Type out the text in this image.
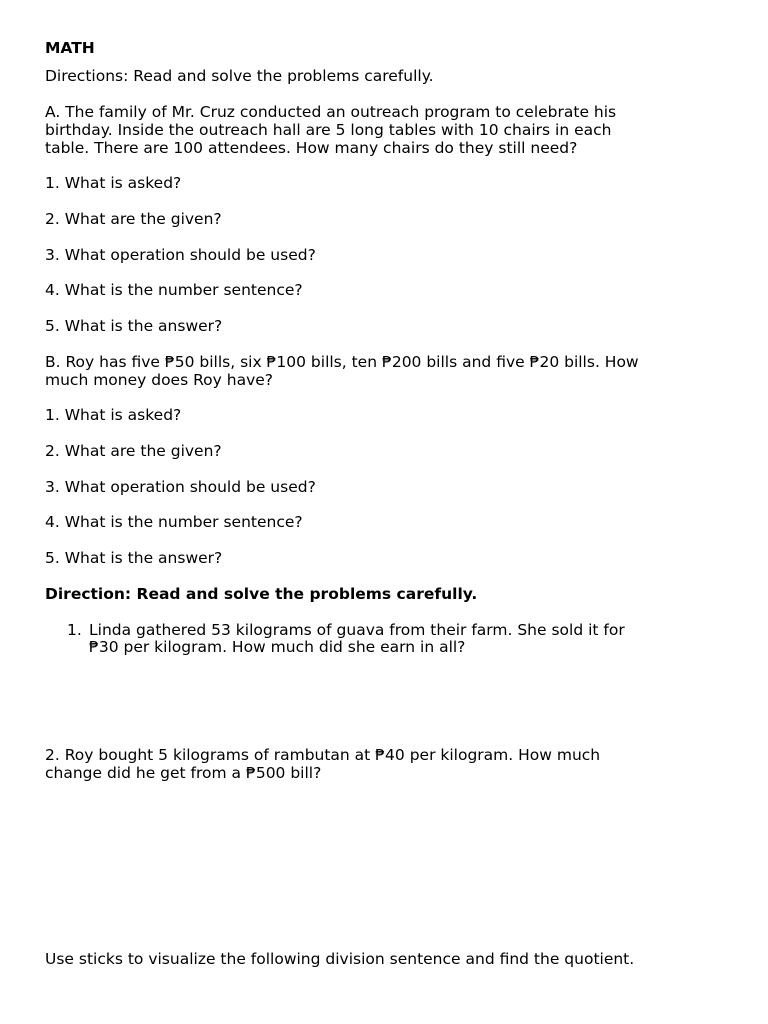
MATH

Directions: Read and solve the problems carefully.

A. The family of Mr. Cruz conducted an outreach program to celebrate his

birthday. Inside the outreach hall are 5 long tables with 10 chairs in each

table. There are 100 attendees. How many chairs do they still need?

1. What is asked?

2. What are the given?

3. What operation should be used?

4. What is the number sentence?

5. What is the answer?

B. Roy has five ₱50 bills, six ₱100 bills, ten ₱200 bills and five ₱20 bills. How

much money does Roy have?

1. What is asked?

2. What are the given?

3. What operation should be used?

4. What is the number sentence?

5. What is the answer?

Direction: Read and solve the problems carefully.

1. Linda gathered 53 kilograms of guava from their farm. She sold it for

₱30 per kilogram. How much did she earn in all?

2. Roy bought 5 kilograms of rambutan at ₱40 per kilogram. How much

change did he get from a ₱500 bill?

Use sticks to visualize the following division sentence and find the quotient.
